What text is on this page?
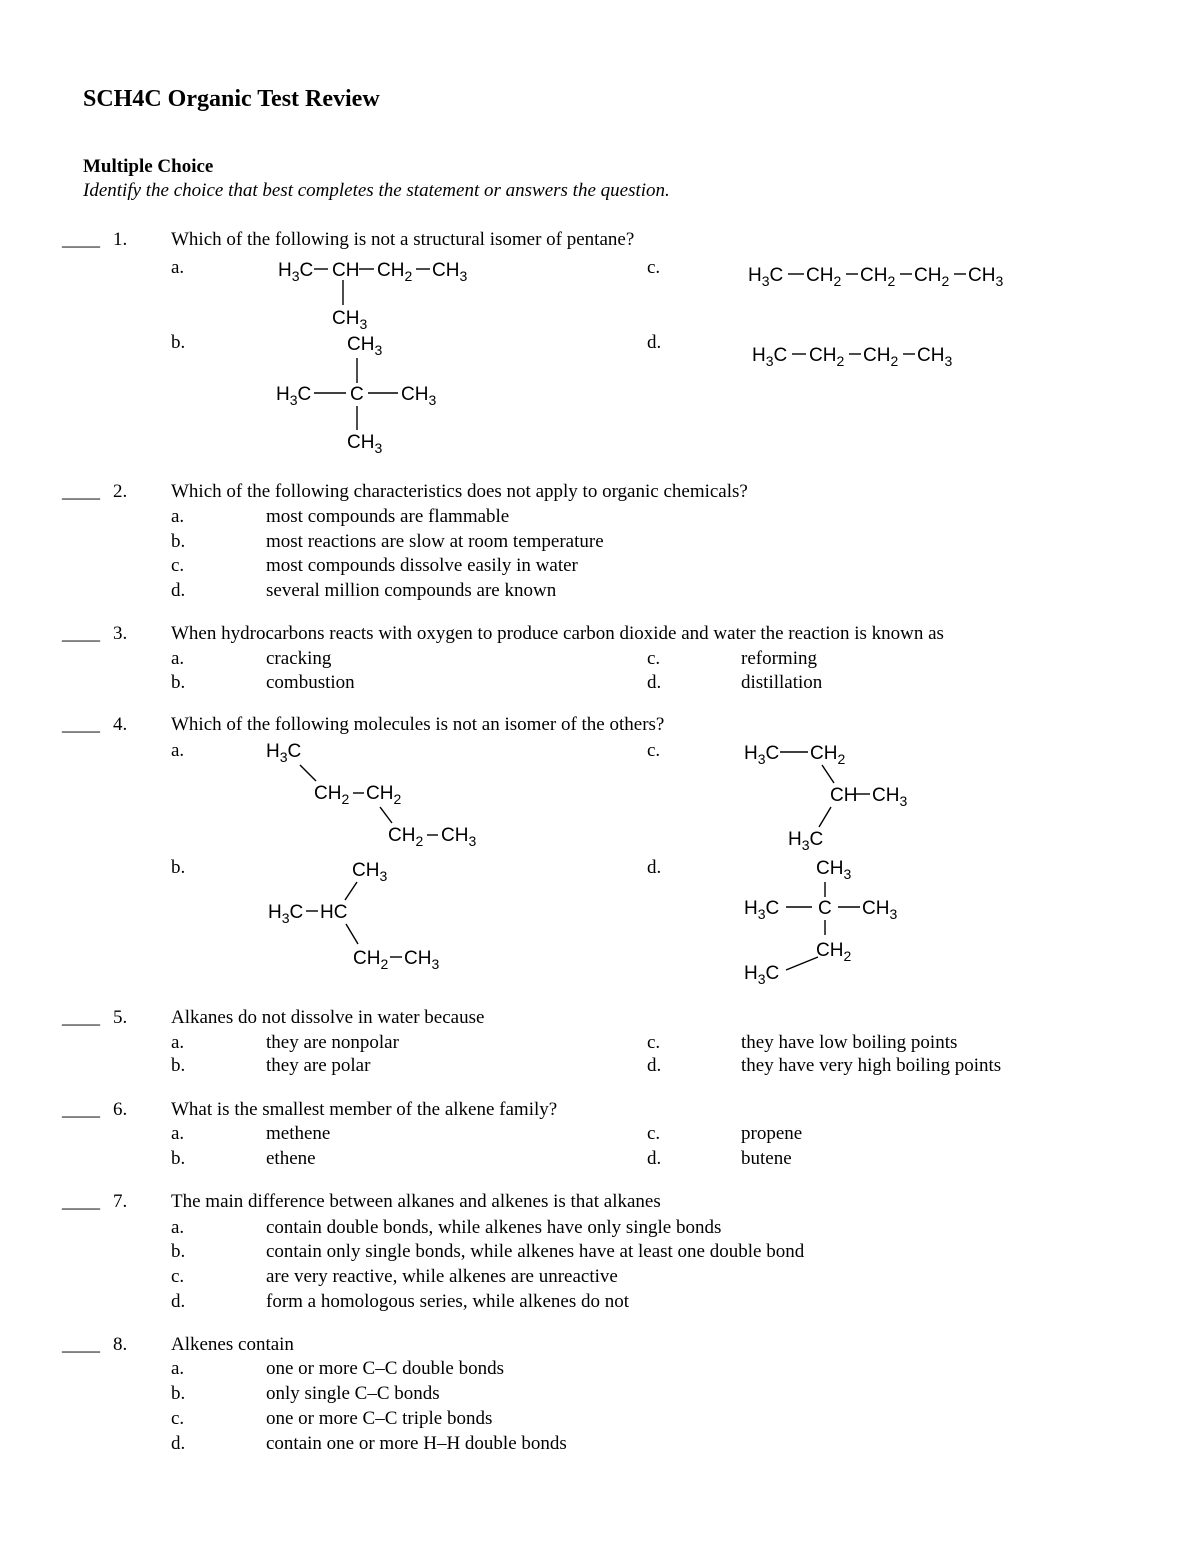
SCH4C Organic Test Review
Multiple Choice
Identify the choice that best completes the statement or answers the question.
____ 1. Which of the following is not a structural isomer of pentane?
a.
b.
c.
d.
$H_3C$ CH $CH_2$ $CH_3$
$CH_3$
$CH_3$
$H_3C$ C $CH_3$
$CH_3$
$H_3C$ $CH_2$ $CH_2$ $CH_2$ $CH_3$
$H_3C$ $CH_2$ $CH_2$ $CH_3$
____ 2. Which of the following characteristics does not apply to organic chemicals?
a.	most compounds are flammable
b.	most reactions are slow at room temperature
c.	most compounds dissolve easily in water
d.	several million compounds are known
____ 3. When hydrocarbons reacts with oxygen to produce carbon dioxide and water the reaction is known as
a.	cracking
b.	combustion
c.	reforming
d.	distillation
____ 4. Which of the following molecules is not an isomer of the others?
a.
b.
c.
d.
$H_3C$
$CH_2$ $CH_2$
$CH_2$ $CH_3$
$CH_3$
$H_3C$ HC
$CH_2$ $CH_3$
$H_3C$ $CH_2$
CH $CH_3$
$H_3C$
$CH_3$
$H_3C$ C $CH_3$
$CH_2$
$H_3C$
____ 5. Alkanes do not dissolve in water because
a.	they are nonpolar
b.	they are polar
c.	they have low boiling points
d.	they have very high boiling points
____ 6. What is the smallest member of the alkene family?
a.	methene
b.	ethene
c.	propene
d.	butene
____ 7. The main difference between alkanes and alkenes is that alkanes
a.	contain double bonds, while alkenes have only single bonds
b.	contain only single bonds, while alkenes have at least one double bond
c.	are very reactive, while alkenes are unreactive
d.	form a homologous series, while alkenes do not
____ 8. Alkenes contain
a.	one or more C–C double bonds
b.	only single C–C bonds
c.	one or more C–C triple bonds
d.	contain one or more H–H double bonds
